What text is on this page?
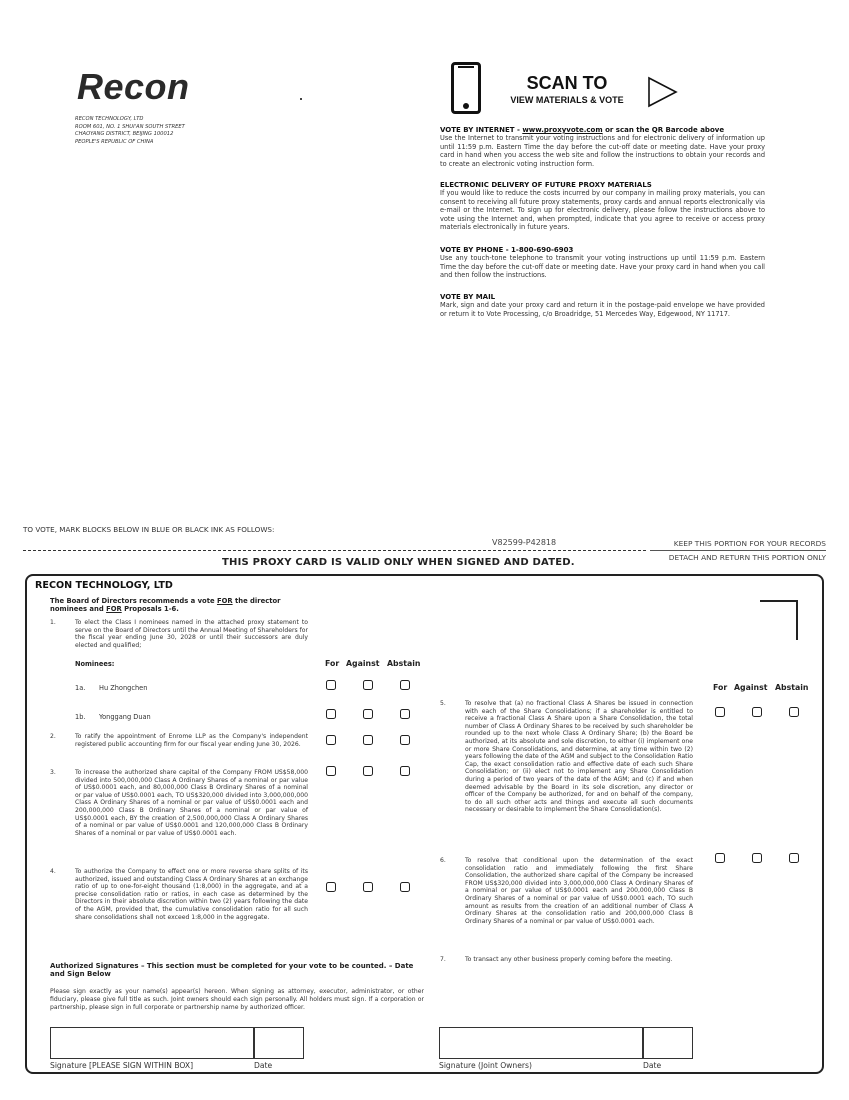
Recon
RECON TECHNOLOGY, LTD
ROOM 601, NO. 1 SHUI'AN SOUTH STREET
CHAOYANG DISTRICT, BEIJING 100012
PEOPLE'S REPUBLIC OF CHINA
SCAN TO
VIEW MATERIALS & VOTE
VOTE BY INTERNET - www.proxyvote.com or scan the QR Barcode above

Use the Internet to transmit your voting instructions and for electronic delivery of information up until 11:59 p.m. Eastern Time the day before the cut-off date or meeting date. Have your proxy card in hand when you access the web site and follow the instructions to obtain your records and to create an electronic voting instruction form.

ELECTRONIC DELIVERY OF FUTURE PROXY MATERIALS

If you would like to reduce the costs incurred by our company in mailing proxy materials, you can consent to receiving all future proxy statements, proxy cards and annual reports electronically via e-mail or the Internet. To sign up for electronic delivery, please follow the instructions above to vote using the Internet and, when prompted, indicate that you agree to receive or access proxy materials electronically in future years.

VOTE BY PHONE - 1-800-690-6903

Use any touch-tone telephone to transmit your voting instructions up until 11:59 p.m. Eastern Time the day before the cut-off date or meeting date. Have your proxy card in hand when you call and then follow the instructions.

VOTE BY MAIL

Mark, sign and date your proxy card and return it in the postage-paid envelope we have provided or return it to Vote Processing, c/o Broadridge, 51 Mercedes Way, Edgewood, NY 11717.

TO VOTE, MARK BLOCKS BELOW IN BLUE OR BLACK INK AS FOLLOWS:
V82599-P42818	KEEP THIS PORTION FOR YOUR RECORDS
DETACH AND RETURN THIS PORTION ONLY
THIS PROXY CARD IS VALID ONLY WHEN SIGNED AND DATED.
RECON TECHNOLOGY, LTD
The Board of Directors recommends a vote FOR the director nominees and FOR Proposals 1-6.
1.	To elect the Class I nominees named in the attached proxy statement to serve on the Board of Directors until the Annual Meeting of Shareholders for the fiscal year ending June 30, 2028 or until their successors are duly elected and qualified;
For Against Abstain
Nominees:
1a. Hu Zhongchen
1b. Yonggang Duan
2.	To ratify the appointment of Enrome LLP as the Company's independent registered public accounting firm for our fiscal year ending June 30, 2026.
3.	To increase the authorized share capital of the Company FROM US$58,000 divided into 500,000,000 Class A Ordinary Shares of a nominal or par value of US$0.0001 each, and 80,000,000 Class B Ordinary Shares of a nominal or par value of US$0.0001 each, TO US$320,000 divided into 3,000,000,000 Class A Ordinary Shares of a nominal or par value of US$0.0001 each and 200,000,000 Class B Ordinary Shares of a nominal or par value of US$0.0001 each, BY the creation of 2,500,000,000 Class A Ordinary Shares of a nominal or par value of US$0.0001 and 120,000,000 Class B Ordinary Shares of a nominal or par value of US$0.0001 each.
4.	To authorize the Company to effect one or more reverse share splits of its authorized, issued and outstanding Class A Ordinary Shares at an exchange ratio of up to one-for-eight thousand (1:8,000) in the aggregate, and at a precise consolidation ratio or ratios, in each case as determined by the Directors in their absolute discretion within two (2) years following the date of the AGM, provided that, the cumulative consolidation ratio for all such share consolidations shall not exceed 1:8,000 in the aggregate.
For Against Abstain
5.	To resolve that (a) no fractional Class A Shares be issued in connection with each of the Share Consolidations; if a shareholder is entitled to receive a fractional Class A Share upon a Share Consolidation, the total number of Class A Ordinary Shares to be received by such shareholder be rounded up to the next whole Class A Ordinary Share; (b) the Board be authorized, at its absolute and sole discretion, to either (i) implement one or more Share Consolidations, and determine, at any time within two (2) years following the date of the AGM and subject to the Consolidation Ratio Cap, the exact consolidation ratio and effective date of each such Share Consolidation; or (ii) elect not to implement any Share Consolidation during a period of two years of the date of the AGM; and (c) if and when deemed advisable by the Board in its sole discretion, any director or officer of the Company be authorized, for and on behalf of the company, to do all such other acts and things and execute all such documents necessary or desirable to implement the Share Consolidation(s).
6.	To resolve that conditional upon the determination of the exact consolidation ratio and immediately following the first Share Consolidation, the authorized share capital of the Company be increased FROM US$320,000 divided into 3,000,000,000 Class A Ordinary Shares of a nominal or par value of US$0.0001 each and 200,000,000 Class B Ordinary Shares of a nominal or par value of US$0.0001 each, TO such amount as results from the creation of an additional number of Class A Ordinary Shares at the consolidation ratio and 200,000,000 Class B Ordinary Shares of a nominal or par value of US$0.0001 each.
7.	To transact any other business properly coming before the meeting.
Authorized Signatures – This section must be completed for your vote to be counted. – Date and Sign Below
Please sign exactly as your name(s) appear(s) hereon. When signing as attorney, executor, administrator, or other fiduciary, please give full title as such. Joint owners should each sign personally. All holders must sign. If a corporation or partnership, please sign in full corporate or partnership name by authorized officer.
Signature [PLEASE SIGN WITHIN BOX]	Date	Signature (Joint Owners)	Date
